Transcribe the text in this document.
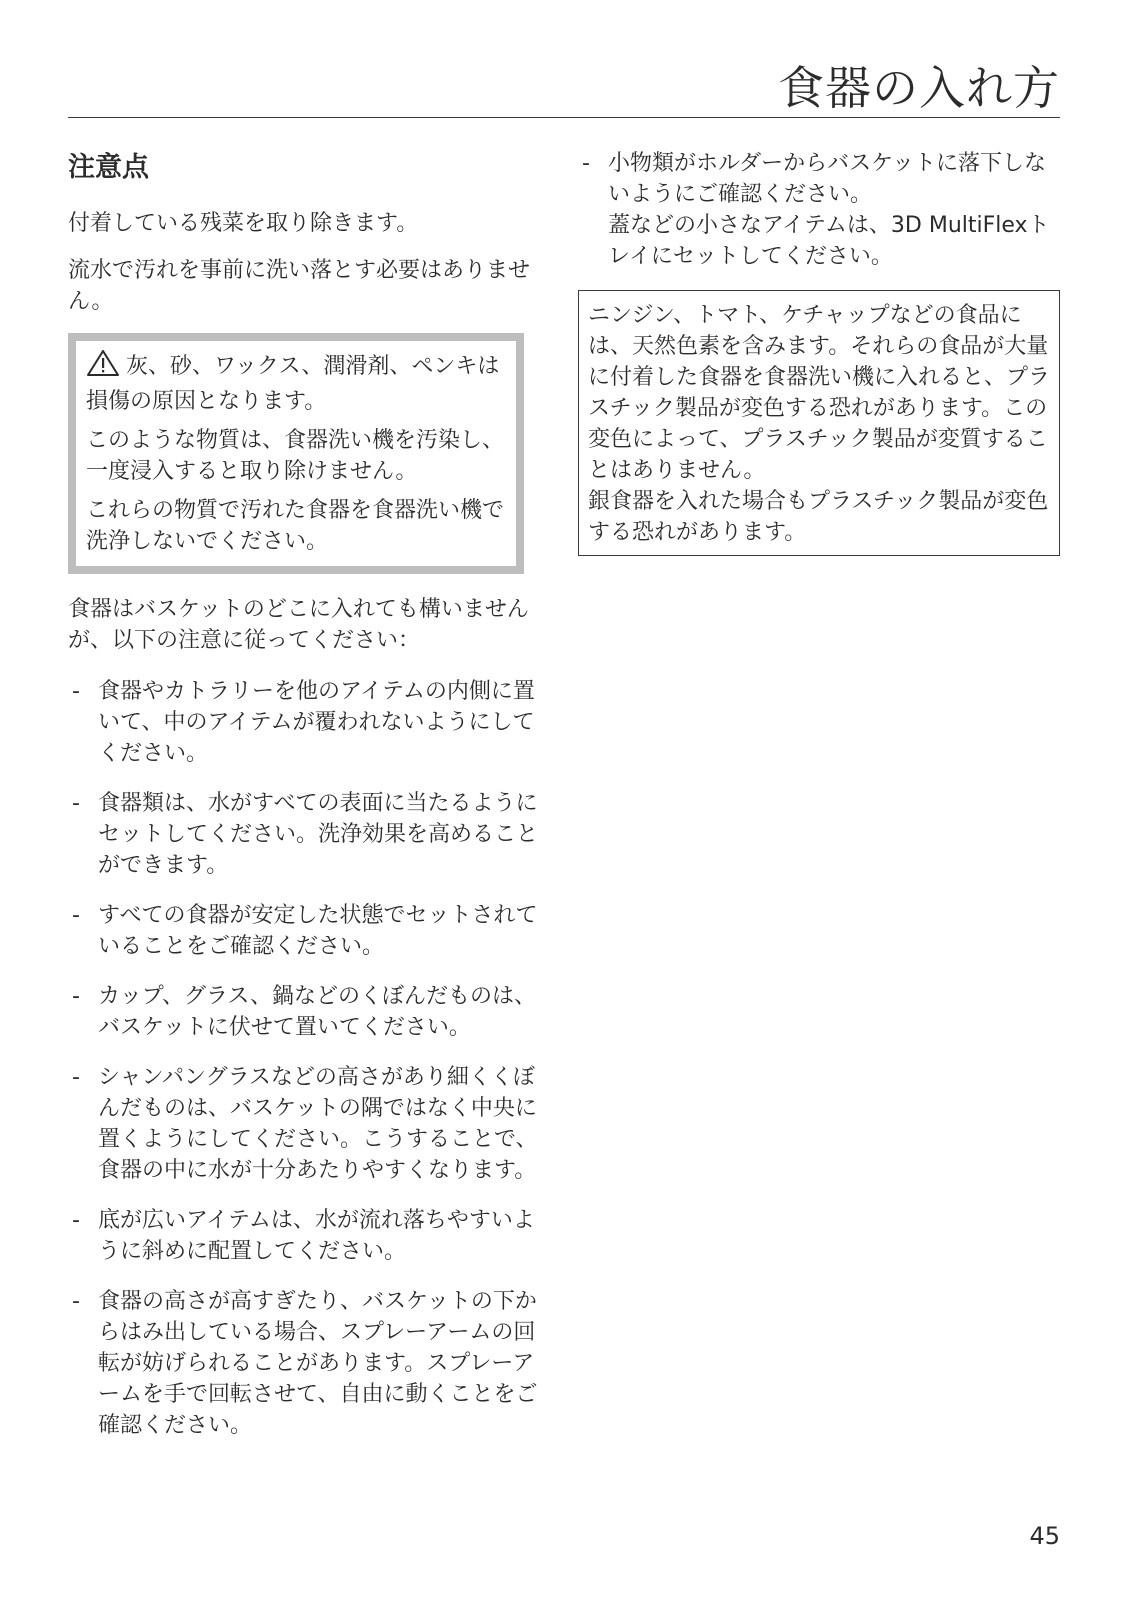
食器の入れ方
注意点

付着している残菜を取り除きます。

流水で汚れを事前に洗い落とす必要はありません。

灰、砂、ワックス、潤滑剤、ペンキは損傷の原因となります。

このような物質は、食器洗い機を汚染し、一度浸入すると取り除けません。

これらの物質で汚れた食器を食器洗い機で洗浄しないでください。

食器はバスケットのどこに入れても構いませんが、以下の注意に従ってください：

- 食器やカトラリーを他のアイテムの内側に置いて、中のアイテムが覆われないようにしてください。
- 食器類は、水がすべての表面に当たるようにセットしてください。洗浄効果を高めることができます。
- すべての食器が安定した状態でセットされていることをご確認ください。
- カップ、グラス、鍋などのくぼんだものは、バスケットに伏せて置いてください。
- シャンパングラスなどの高さがあり細くくぼんだものは、バスケットの隅ではなく中央に置くようにしてください。こうすることで、食器の中に水が十分あたりやすくなります。
- 底が広いアイテムは、水が流れ落ちやすいように斜めに配置してください。
- 食器の高さが高すぎたり、バスケットの下からはみ出している場合、スプレーアームの回転が妨げられることがあります。スプレーアームを手で回転させて、自由に動くことをご確認ください。
- 小物類がホルダーからバスケットに落下しないようにご確認ください。
蓋などの小さなアイテムは、3D MultiFlexトレイにセットしてください。

ニンジン、トマト、ケチャップなどの食品には、天然色素を含みます。それらの食品が大量に付着した食器を食器洗い機に入れると、プラスチック製品が変色する恐れがあります。この変色によって、プラスチック製品が変質することはありません。

銀食器を入れた場合もプラスチック製品が変色する恐れがあります。

45
